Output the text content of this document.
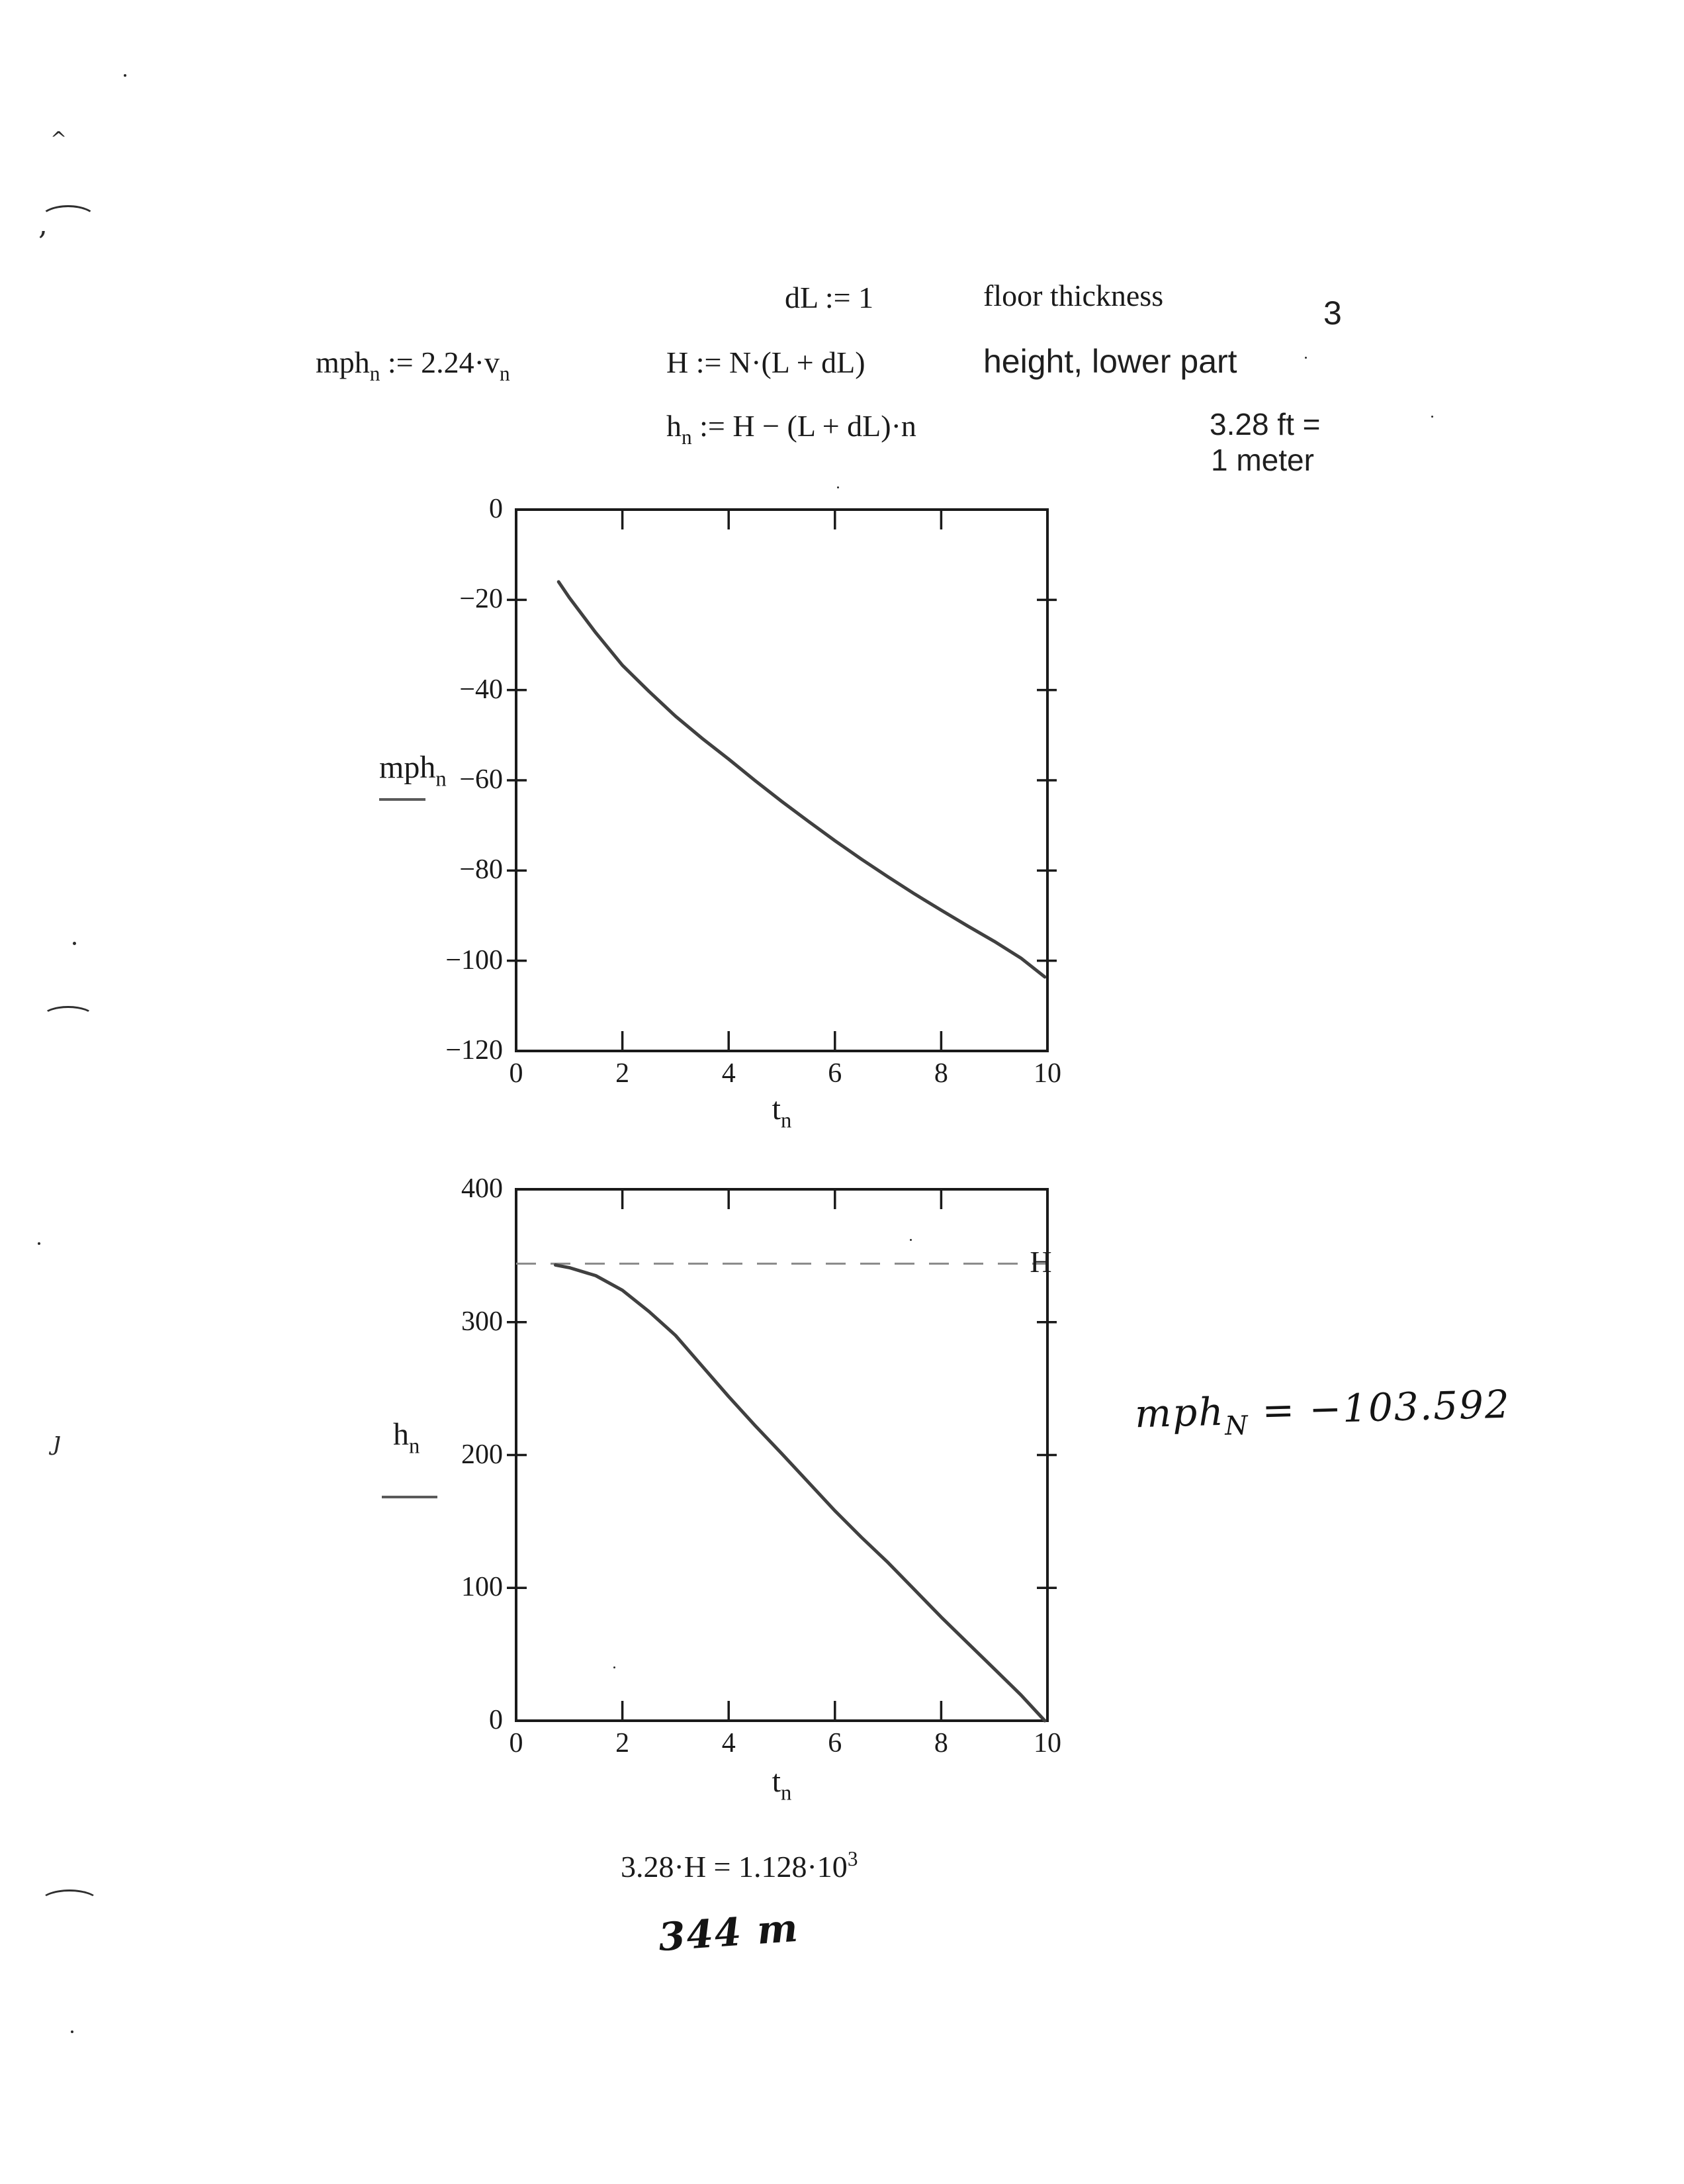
dL := 1	floor thickness	3
mph$_n$ := $2.24\cdot v_n$	H := N·(L + dL)	height, lower part
$h_n$ := H − (L + dL)·n	3.28 ft =
1 meter
$3.28\cdot H = 1.128\cdot 10^3$
mph$_N$ = −103.592
344 m
,
^
ȷ
0
−20
−40
−60
−80
−100
−120
0	2	4	6	8	10
mph$_n$
$t_n$
400
300
200
100
0
0	2	4	6	8	10
$h_n$
$t_n$
H
